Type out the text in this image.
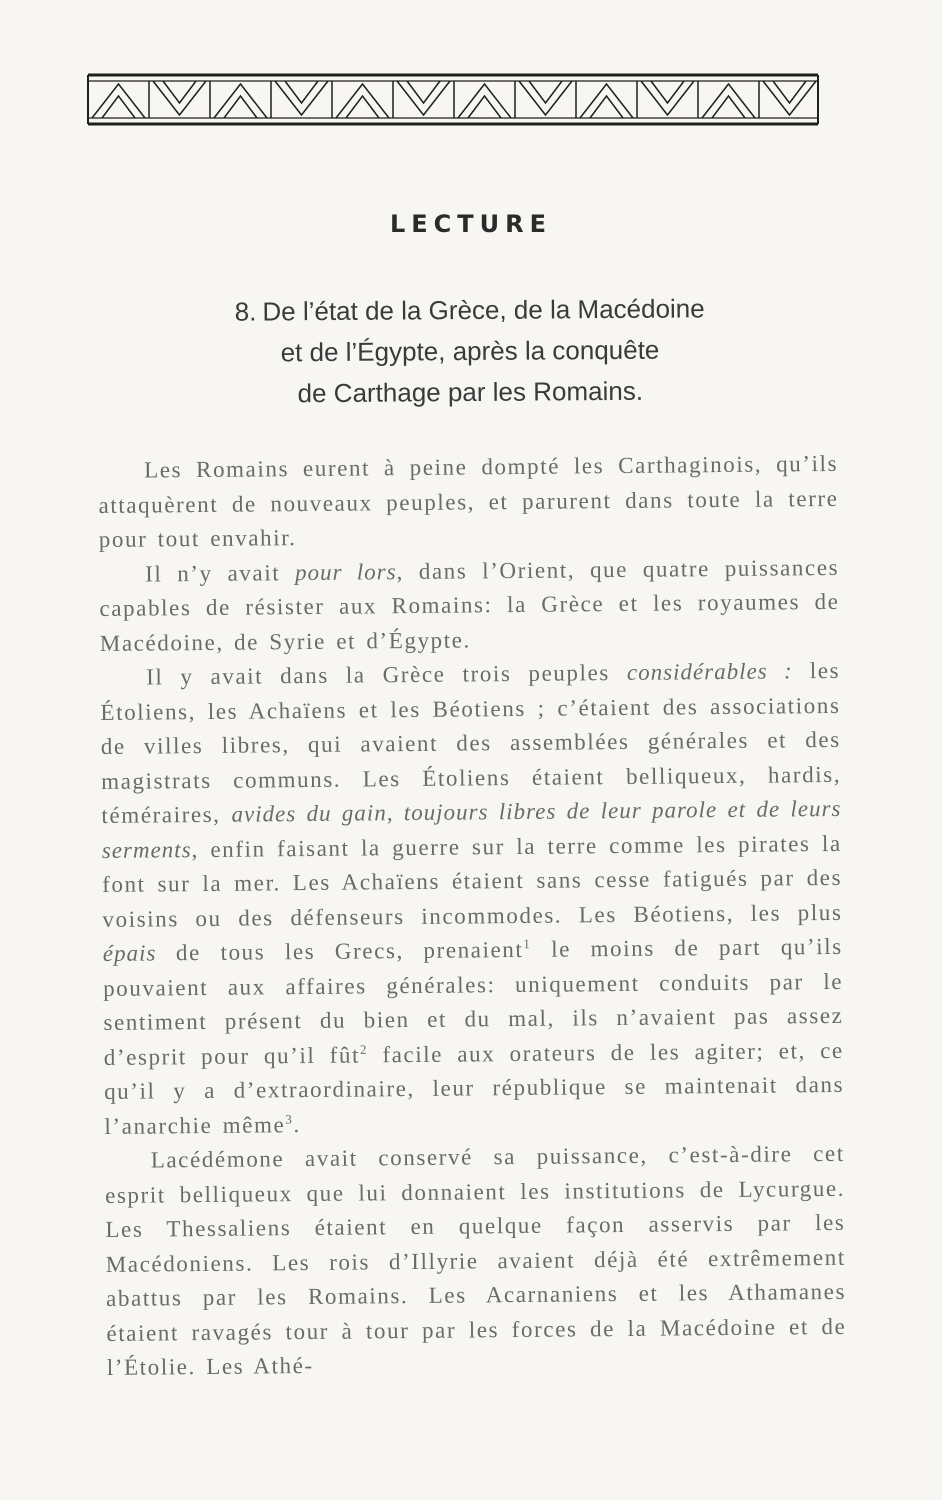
LECTURE
8. De l’état de la Grèce, de la Macédoine
et de l’Égypte, après la conquête
de Carthage par les Romains.

Les Romains eurent à peine dompté les Carthaginois, qu’ils attaquèrent de nouveaux peuples, et parurent dans toute la terre pour tout envahir.

Il n’y avait pour lors, dans l’Orient, que quatre puissances capables de résister aux Romains: la Grèce et les royaumes de Macédoine, de Syrie et d’Égypte.

Il y avait dans la Grèce trois peuples considérables : les Étoliens, les Achaïens et les Béotiens ; c’étaient des associations de villes libres, qui avaient des assemblées générales et des magistrats communs. Les Étoliens étaient belliqueux, hardis, téméraires, avides du gain, toujours libres de leur parole et de leurs serments, enfin faisant la guerre sur la terre comme les pirates la font sur la mer. Les Achaïens étaient sans cesse fatigués par des voisins ou des défenseurs incommodes. Les Béotiens, les plus épais de tous les Grecs, prenaient$^1$ le moins de part qu’ils pouvaient aux affaires générales: uniquement conduits par le sentiment présent du bien et du mal, ils n’avaient pas assez d’esprit pour qu’il fût$^2$ facile aux orateurs de les agiter; et, ce qu’il y a d’extraordinaire, leur république se maintenait dans l’anarchie même$^3$.

Lacédémone avait conservé sa puissance, c’est-à-dire cet esprit belliqueux que lui donnaient les institutions de Lycurgue. Les Thessaliens étaient en quelque façon asservis par les Macédoniens. Les rois d’Illyrie avaient déjà été extrêmement abattus par les Romains. Les Acarnaniens et les Athamanes étaient ravagés tour à tour par les forces de la Macédoine et de l’Étolie. Les Athé-
